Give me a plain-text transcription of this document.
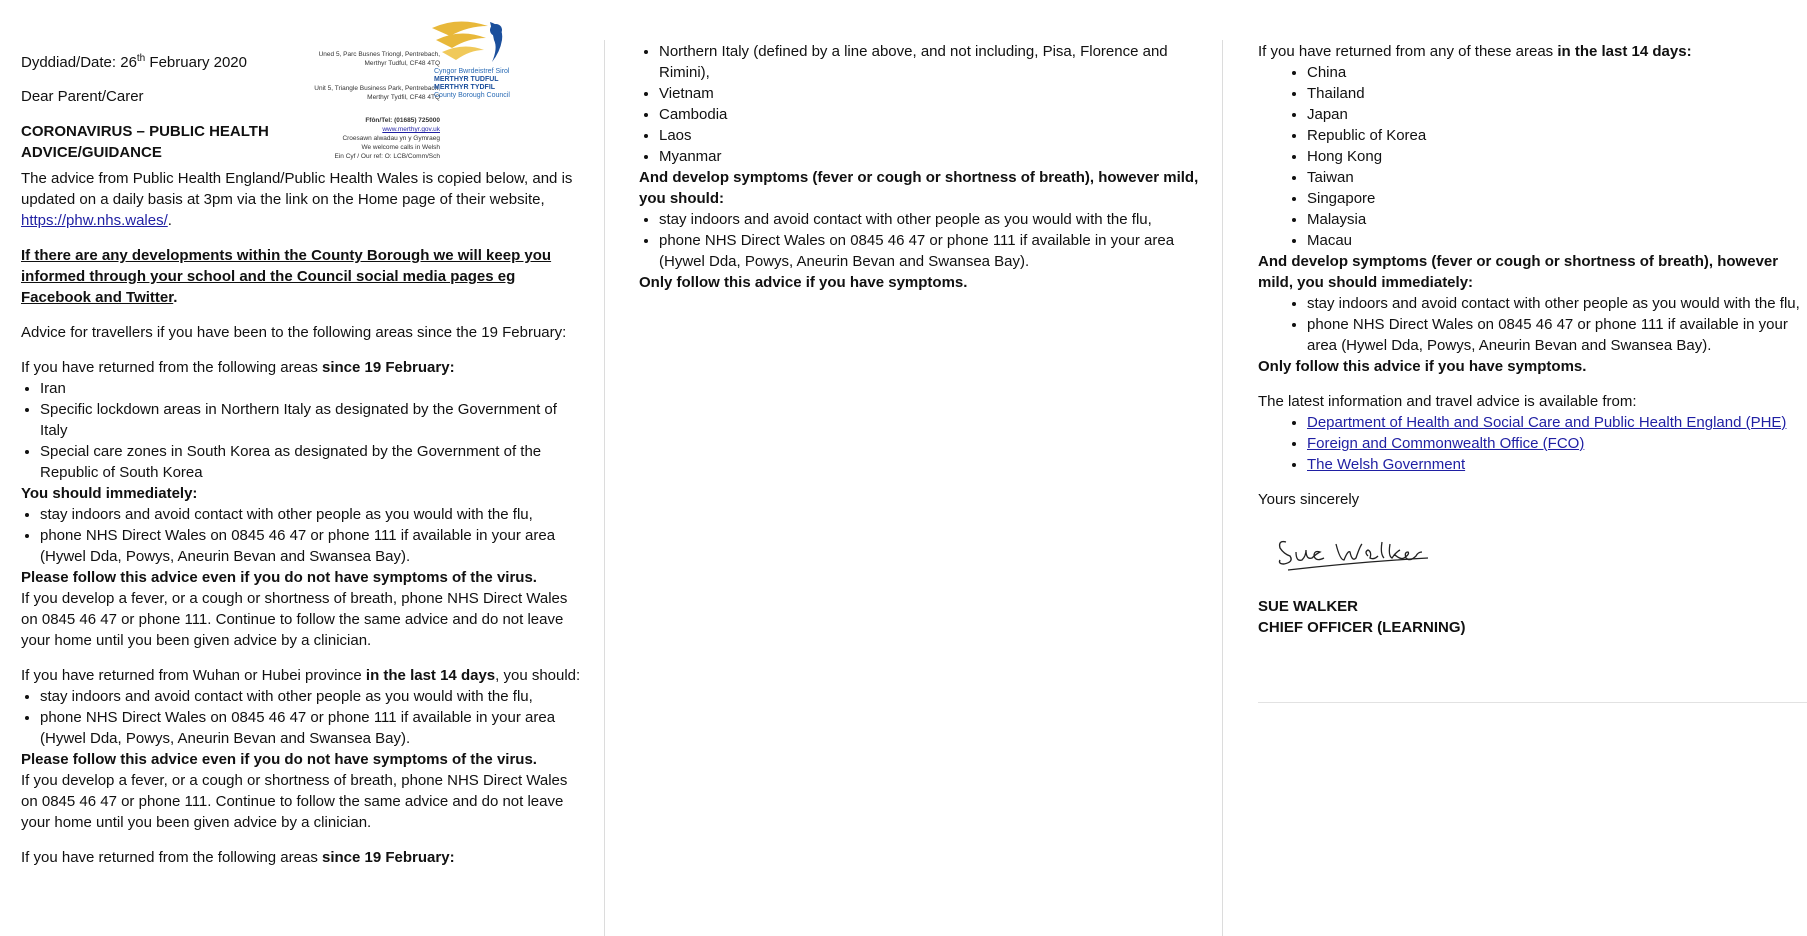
Dyddiad/Date: 26th February 2020

Dear Parent/Carer

CORONAVIRUS – PUBLIC HEALTH
ADVICE/GUIDANCE

The advice from Public Health England/Public Health Wales is copied below, and is updated on a daily basis at 3pm via the link on the Home page of their website, https://phw.nhs.wales/.

If there are any developments within the County Borough we will keep you informed through your school and the Council social media pages eg Facebook and Twitter.

Advice for travellers if you have been to the following areas since the 19 February:

If you have returned from the following areas since 19 February:

• Iran
• Specific lockdown areas in Northern Italy as designated by the Government of Italy
• Special care zones in South Korea as designated by the Government of the Republic of South Korea

You should immediately:

• stay indoors and avoid contact with other people as you would with the flu,
• phone NHS Direct Wales on 0845 46 47 or phone 111 if available in your area (Hywel Dda, Powys, Aneurin Bevan and Swansea Bay).

Please follow this advice even if you do not have symptoms of the virus.

If you develop a fever, or a cough or shortness of breath, phone NHS Direct Wales on 0845 46 47 or phone 111. Continue to follow the same advice and do not leave your home until you been given advice by a clinician.

If you have returned from Wuhan or Hubei province in the last 14 days, you should:

• stay indoors and avoid contact with other people as you would with the flu,
• phone NHS Direct Wales on 0845 46 47 or phone 111 if available in your area (Hywel Dda, Powys, Aneurin Bevan and Swansea Bay).

Please follow this advice even if you do not have symptoms of the virus.

If you develop a fever, or a cough or shortness of breath, phone NHS Direct Wales on 0845 46 47 or phone 111. Continue to follow the same advice and do not leave your home until you been given advice by a clinician.

If you have returned from the following areas since 19 February:

Uned 5, Parc Busnes Triongl, Pentrebach, Merthyr Tudful, CF48 4TQ
Unit 5, Triangle Business Park, Pentrebach, Merthyr Tydfil, CF48 4TQ
Cyngor Bwrdeistref Sirol
MERTHYR TUDFUL
MERTHYR TYDFIL
County Borough Council
Ffôn/Tel: (01685) 725000
www.merthyr.gov.uk
Croesawn alwadau yn y Gymraeg
We welcome calls in Welsh
Ein Cyf / Our ref: O: LCB/Comm/Sch
• Northern Italy (defined by a line above, and not including, Pisa, Florence and Rimini),
• Vietnam
• Cambodia
• Laos
• Myanmar

And develop symptoms (fever or cough or shortness of breath), however mild, you should:

• stay indoors and avoid contact with other people as you would with the flu,
• phone NHS Direct Wales on 0845 46 47 or phone 111 if available in your area (Hywel Dda, Powys, Aneurin Bevan and Swansea Bay).

Only follow this advice if you have symptoms.

If you have returned from any of these areas in the last 14 days:

• China
• Thailand
• Japan
• Republic of Korea
• Hong Kong
• Taiwan
• Singapore
• Malaysia
• Macau

And develop symptoms (fever or cough or shortness of breath), however mild, you should immediately:

• stay indoors and avoid contact with other people as you would with the flu,
• phone NHS Direct Wales on 0845 46 47 or phone 111 if available in your area (Hywel Dda, Powys, Aneurin Bevan and Swansea Bay).

Only follow this advice if you have symptoms.

The latest information and travel advice is available from:

• Department of Health and Social Care and Public Health England (PHE)
• Foreign and Commonwealth Office (FCO)
• The Welsh Government

Yours sincerely

SUE WALKER

CHIEF OFFICER (LEARNING)
